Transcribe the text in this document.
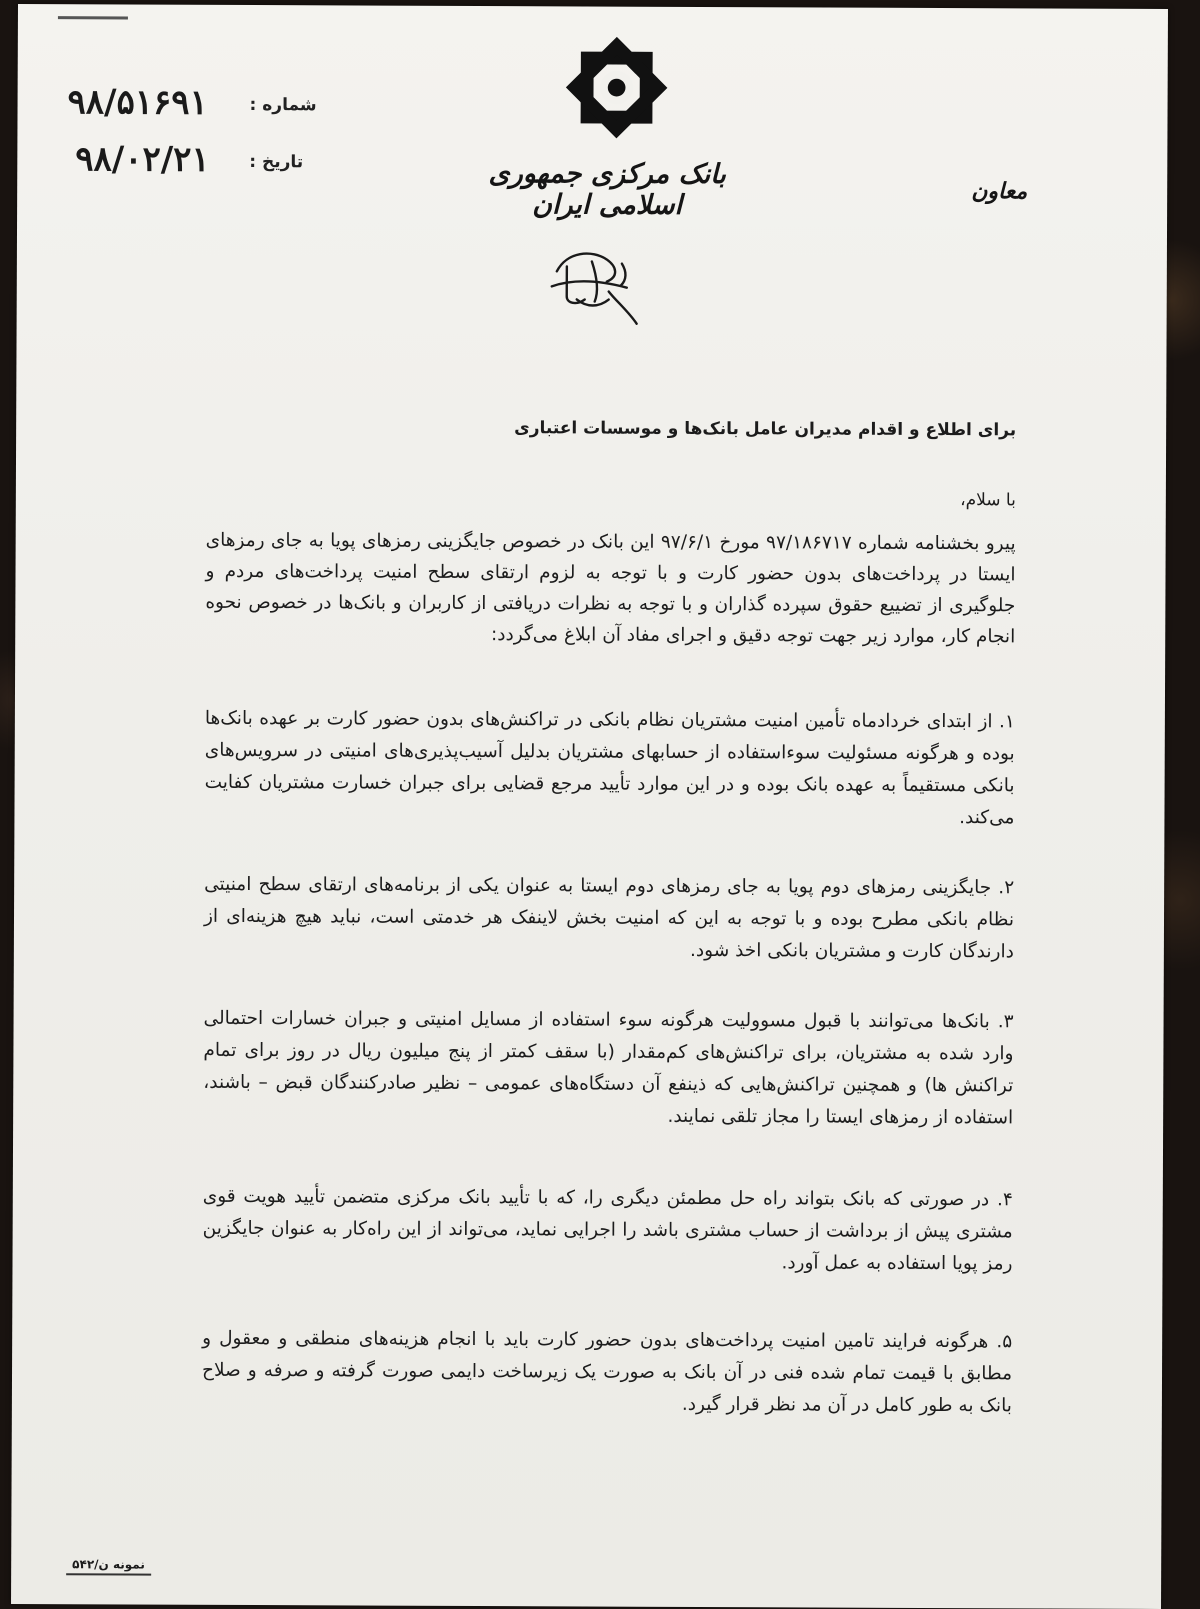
شماره :
۹۸/۵۱۶۹۱
تاریخ :
۹۸/۰۲/۲۱	بانک مرکزی جمهوری اسلامی ایران	معاون
برای اطلاع و اقدام مدیران عامل بانک‌ها و موسسات اعتباری
با سلام،
پیرو بخشنامه شماره ۹۷/۱۸۶۷۱۷ مورخ ۹۷/۶/۱ این بانک در خصوص جایگزینی رمزهای پویا به جای رمزهای ایستا در پرداخت‌های بدون حضور کارت و با توجه به لزوم ارتقای سطح امنیت پرداخت‌های مردم و جلوگیری از تضییع حقوق سپرده گذاران و با توجه به نظرات دریافتی از کاربران و بانک‌ها در خصوص نحوه انجام کار، موارد زیر جهت توجه دقیق و اجرای مفاد آن ابلاغ می‌گردد:
۱. از ابتدای خردادماه تأمین امنیت مشتریان نظام بانکی در تراکنش‌های بدون حضور کارت بر عهده بانک‌ها بوده و هرگونه مسئولیت سوءاستفاده از حسابهای مشتریان بدلیل آسیب‌پذیری‌های امنیتی در سرویس‌های بانکی مستقیماً به عهده بانک بوده و در این موارد تأیید مرجع قضایی برای جبران خسارت مشتریان کفایت می‌کند.
۲. جایگزینی رمزهای دوم پویا به جای رمزهای دوم ایستا به عنوان یکی از برنامه‌های ارتقای سطح امنیتی نظام بانکی مطرح بوده و با توجه به این که امنیت بخش لاینفک هر خدمتی است، نباید هیچ هزینه‌ای از دارندگان کارت و مشتریان بانکی اخذ شود.
۳. بانک‌ها می‌توانند با قبول مسوولیت هرگونه سوء استفاده از مسایل امنیتی و جبران خسارات احتمالی وارد شده به مشتریان، برای تراکنش‌های کم‌مقدار (با سقف کمتر از پنج میلیون ریال در روز برای تمام تراکنش ها) و همچنین تراکنش‌هایی که ذینفع آن دستگاه‌های عمومی – نظیر صادرکنندگان قبض – باشند، استفاده از رمزهای ایستا را مجاز تلقی نمایند.
۴. در صورتی که بانک بتواند راه حل مطمئن دیگری را، که با تأیید بانک مرکزی متضمن تأیید هویت قوی مشتری پیش از برداشت از حساب مشتری باشد را اجرایی نماید، می‌تواند از این راه‌کار به عنوان جایگزین رمز پویا استفاده به عمل آورد.
۵. هرگونه فرایند تامین امنیت پرداخت‌های بدون حضور کارت باید با انجام هزینه‌های منطقی و معقول و مطابق با قیمت تمام شده فنی در آن بانک به صورت یک زیرساخت دایمی صورت گرفته و صرفه و صلاح بانک به طور کامل در آن مد نظر قرار گیرد.
نمونه ن/۵۴۲
